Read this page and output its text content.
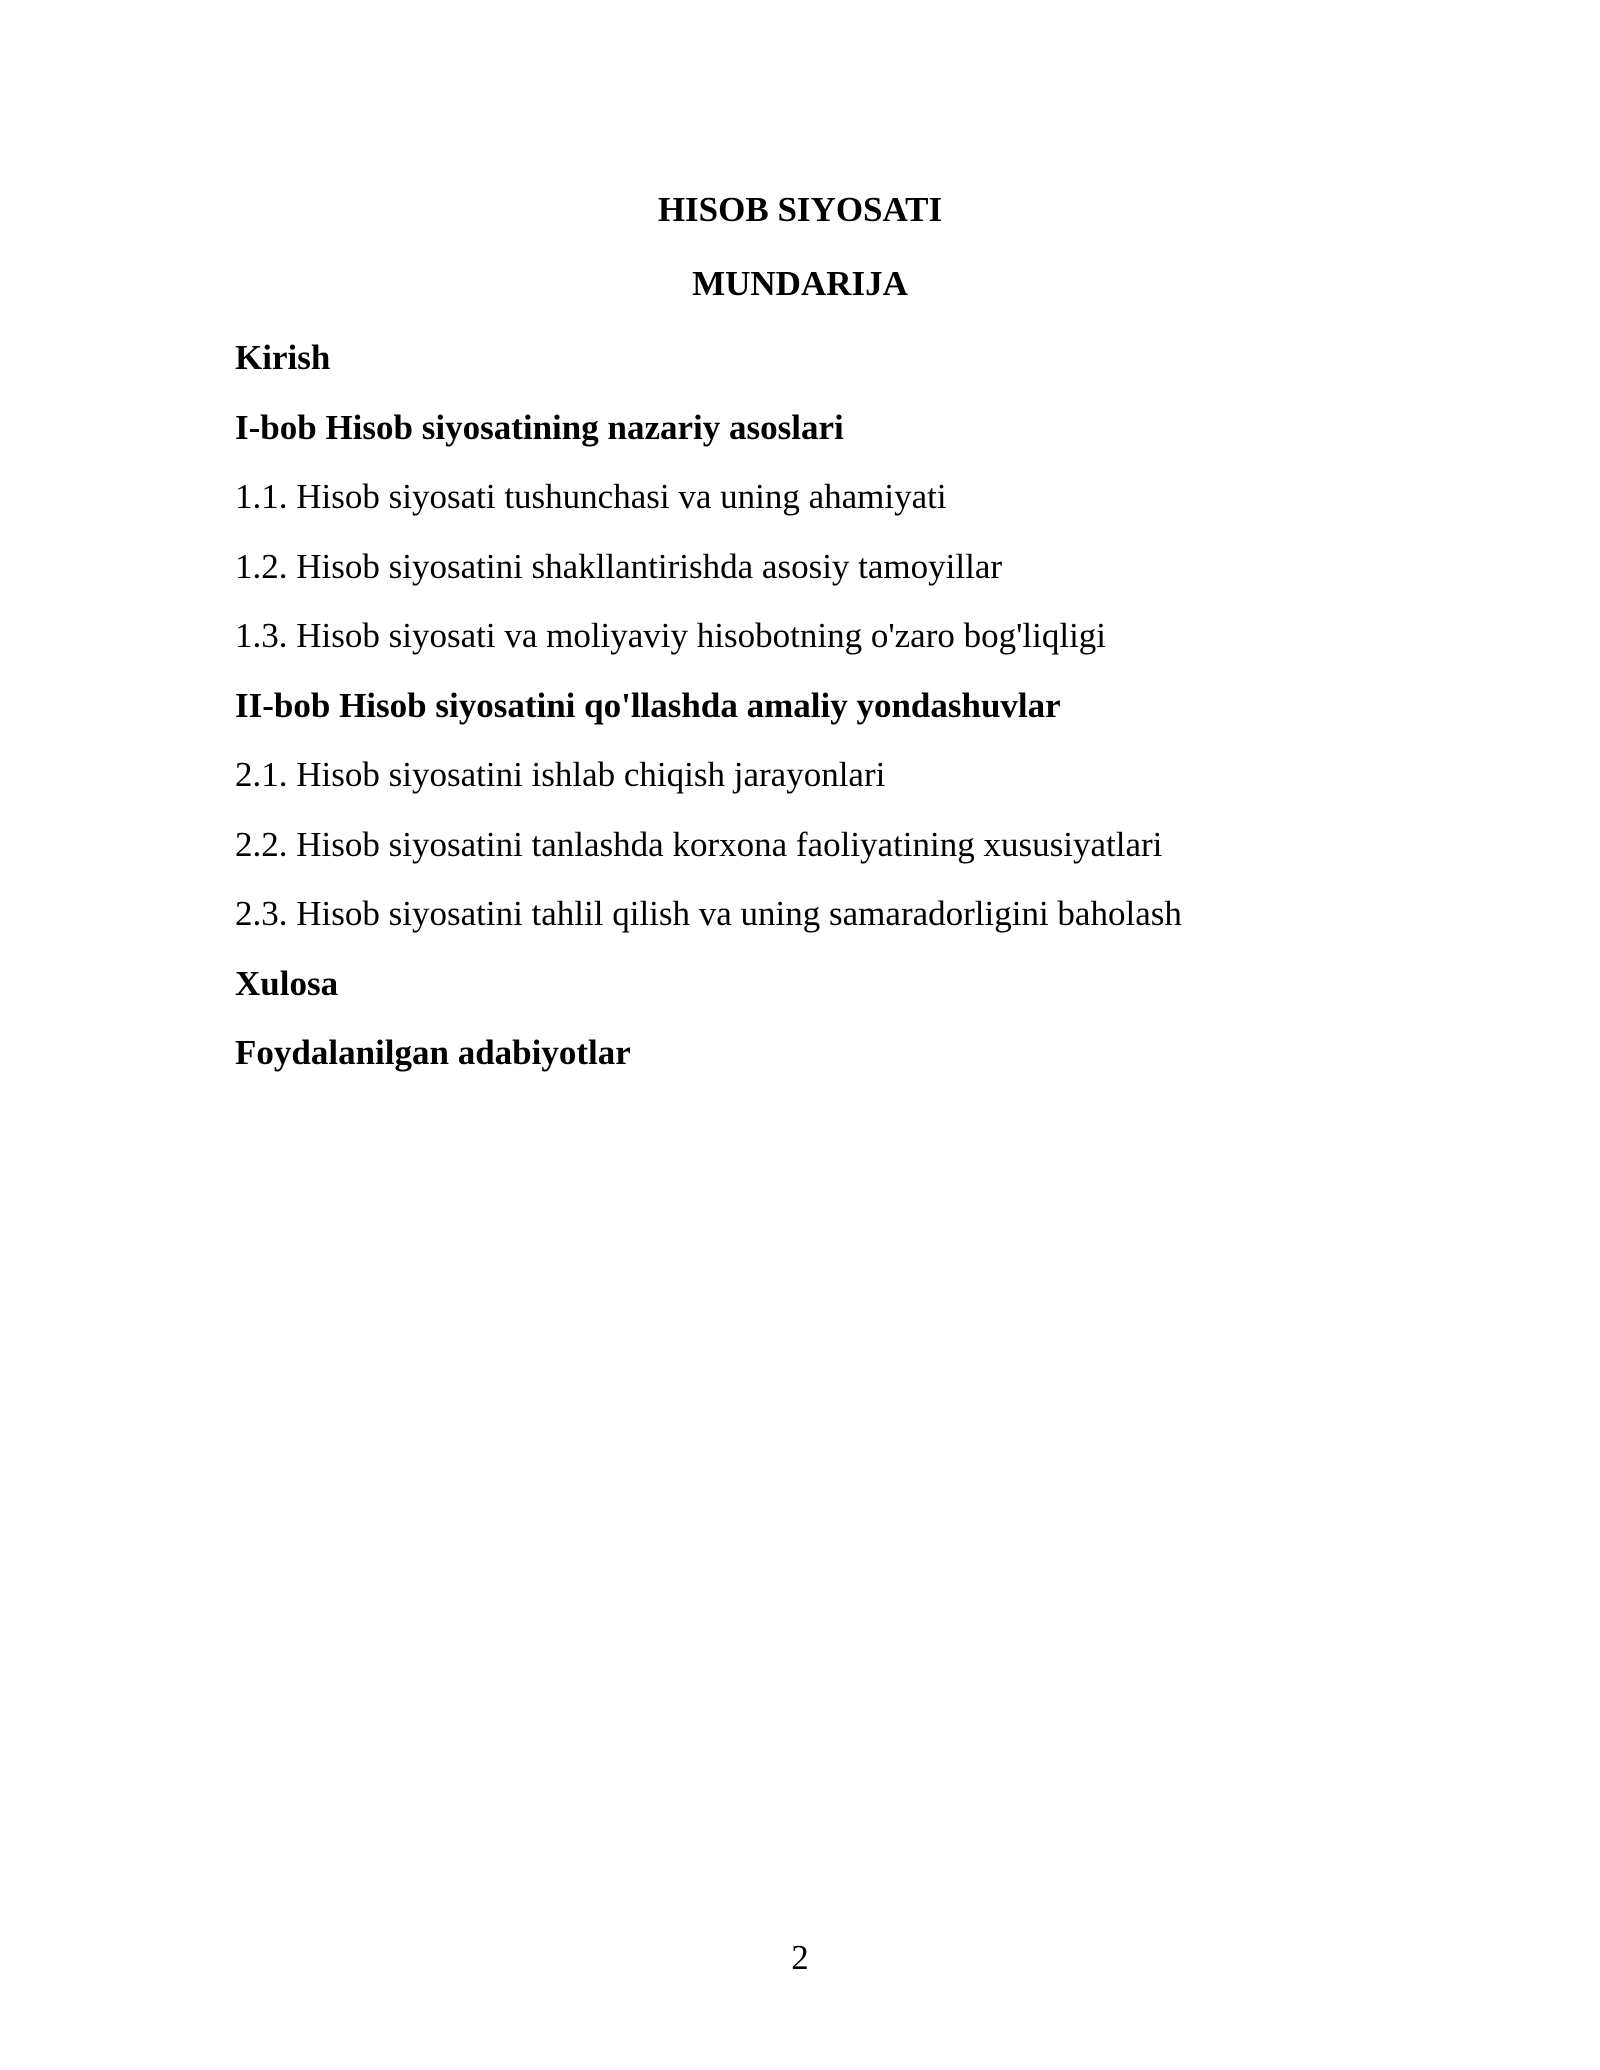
HISOB SIYOSATI
MUNDARIJA
Kirish
I-bob Hisob siyosatining nazariy asoslari
1.1. Hisob siyosati tushunchasi va uning ahamiyati
1.2. Hisob siyosatini shakllantirishda asosiy tamoyillar
1.3. Hisob siyosati va moliyaviy hisobotning o'zaro bog'liqligi
II-bob Hisob siyosatini qo'llashda amaliy yondashuvlar
2.1. Hisob siyosatini ishlab chiqish jarayonlari
2.2. Hisob siyosatini tanlashda korxona faoliyatining xususiyatlari
2.3. Hisob siyosatini tahlil qilish va uning samaradorligini baholash
Xulosa
Foydalanilgan adabiyotlar
2
